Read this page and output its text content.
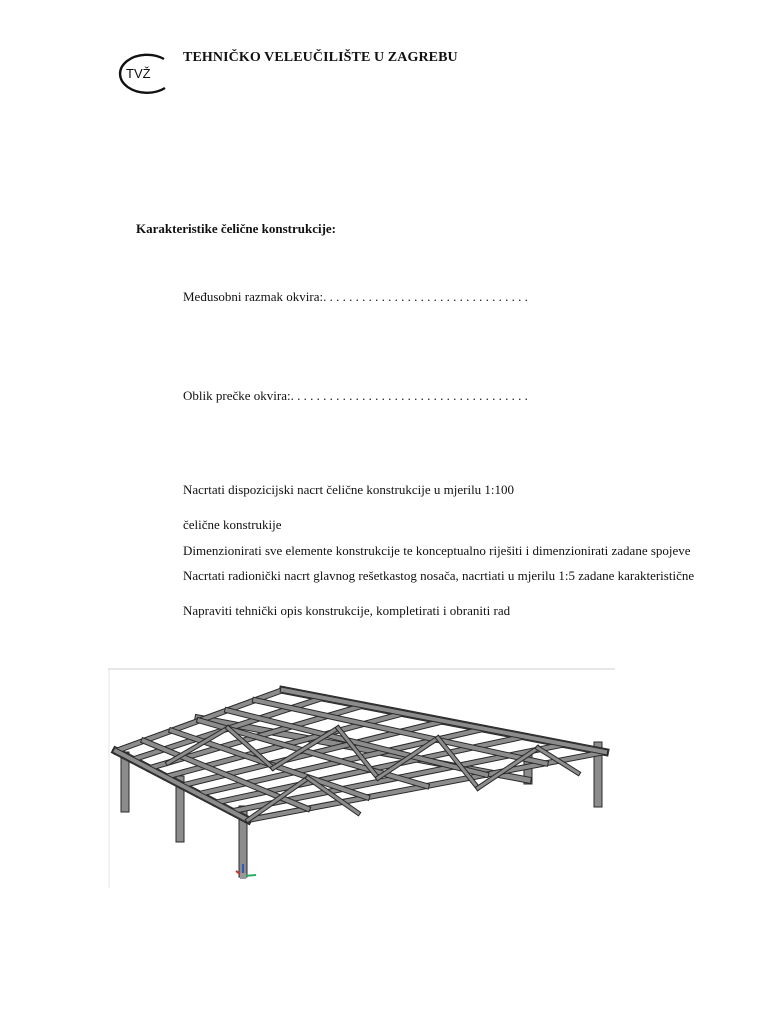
TVŽ
TEHNIČKO VELEUČILIŠTE U ZAGREBU
Karakteristike čelične konstrukcije:
Međusobni razmak okvira:. . . . . . . . . . . . . . . . . . . . . . . . . . . . . . . .
Oblik prečke okvira:. . . . . . . . . . . . . . . . . . . . . . . . . . . . . . . . . . . . .
Nacrtati dispozicijski nacrt čelične konstrukcije u mjerilu 1:100
čelične konstrukije
Dimenzionirati sve elemente konstrukcije te konceptualno riješiti i dimenzionirati zadane spojeve
Nacrtati radionički nacrt glavnog rešetkastog nosača, nacrtiati u mjerilu 1:5 zadane karakteristične
Napraviti tehnički opis konstrukcije, kompletirati i obraniti rad
